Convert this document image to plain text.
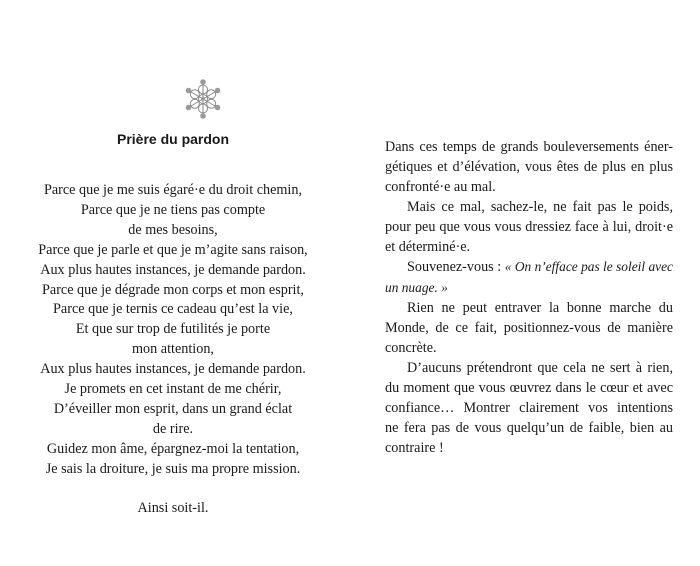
Prière du pardon
Parce que je me suis égaré·e du droit chemin,
Parce que je ne tiens pas compte
de mes besoins,
Parce que je parle et que je m’agite sans raison,
Aux plus hautes instances, je demande pardon.
Parce que je dégrade mon corps et mon esprit,
Parce que je ternis ce cadeau qu’est la vie,
Et que sur trop de futilités je porte
mon attention,
Aux plus hautes instances, je demande pardon.
Je promets en cet instant de me chérir,
D’éveiller mon esprit, dans un grand éclat
de rire.
Guidez mon âme, épargnez-moi la tentation,
Je sais la droiture, je suis ma propre mission.
Ainsi soit-il.

Dans ces temps de grands bouleversements éner-
gétiques et d’élévation, vous êtes de plus en plus
confronté·e au mal.

Mais ce mal, sachez-le, ne fait pas le poids,
pour peu que vous vous dressiez face à lui, droit·e
et déterminé·e.

Souvenez-vous : « On n’efface pas le soleil avec
un nuage. »

Rien ne peut entraver la bonne marche du
Monde, de ce fait, positionnez-vous de manière
concrète.

D’aucuns prétendront que cela ne sert à rien,
du moment que vous œuvrez dans le cœur et avec
confiance… Montrer clairement vos intentions
ne fera pas de vous quelqu’un de faible, bien au
contraire !
